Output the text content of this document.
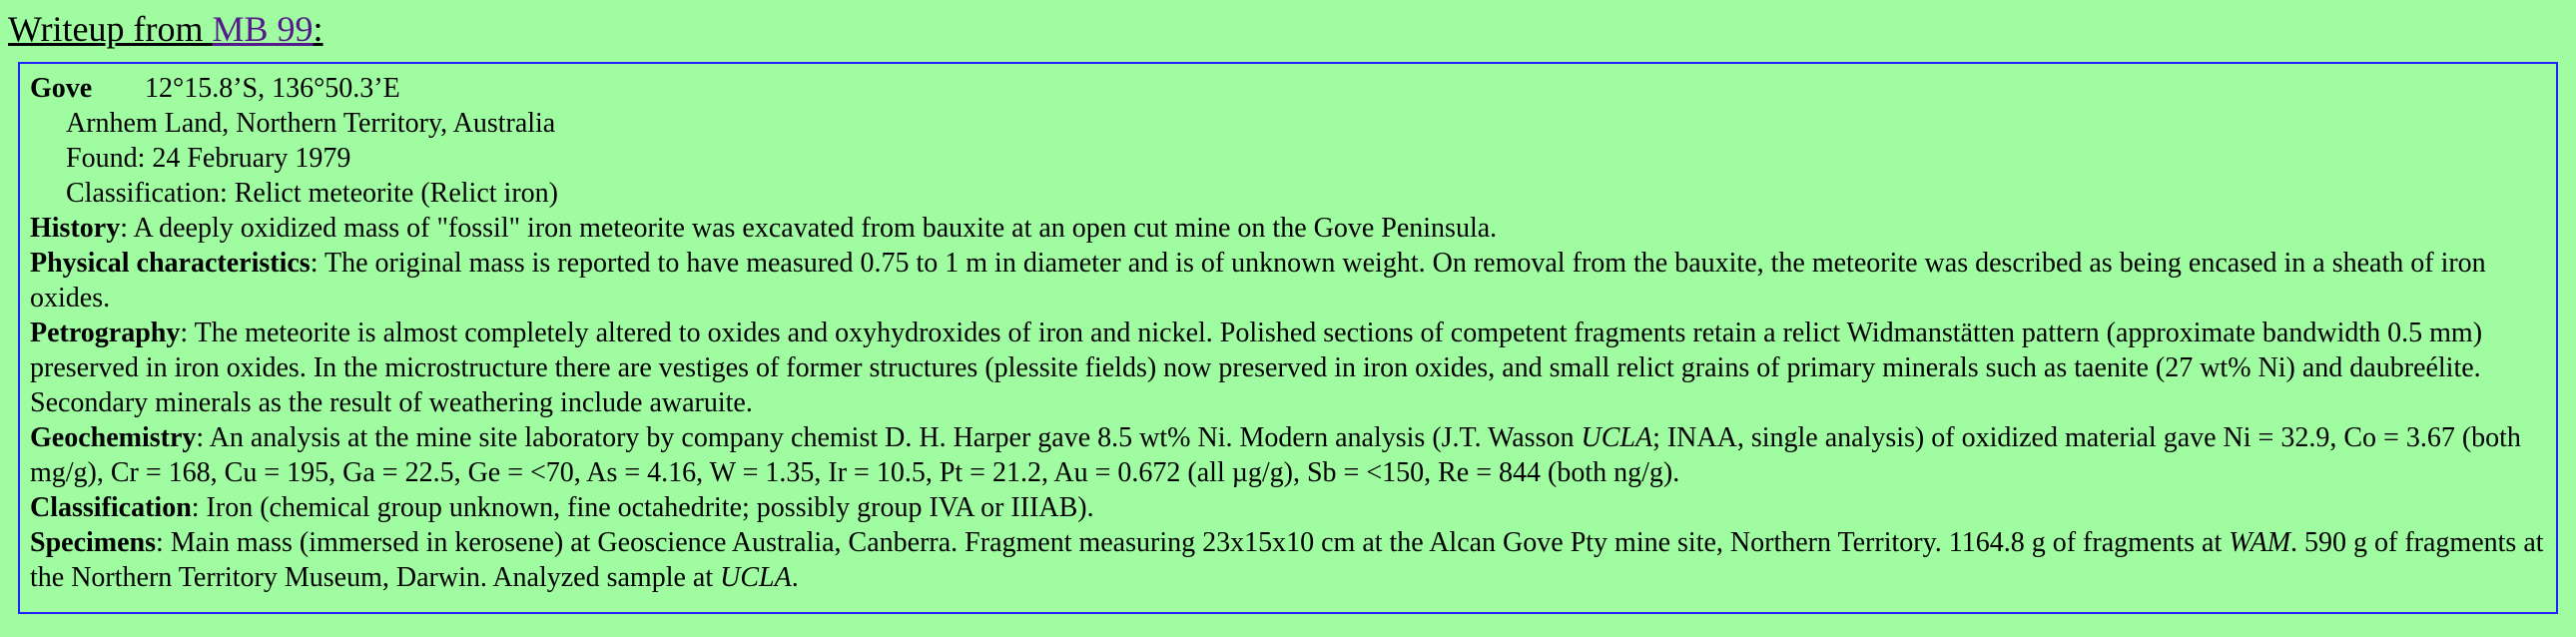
Writeup from MB 99:
Gove 12°15.8’S, 136°50.3’E
Arnhem Land, Northern Territory, Australia
Found: 24 February 1979
Classification: Relict meteorite (Relict iron)
History: A deeply oxidized mass of "fossil" iron meteorite was excavated from bauxite at an open cut mine on the Gove Peninsula.
Physical characteristics: The original mass is reported to have measured 0.75 to 1 m in diameter and is of unknown weight. On removal from the bauxite, the meteorite was described as being encased in a sheath of iron oxides.
Petrography: The meteorite is almost completely altered to oxides and oxyhydroxides of iron and nickel. Polished sections of competent fragments retain a relict Widmanstätten pattern (approximate bandwidth 0.5 mm) preserved in iron oxides. In the microstructure there are vestiges of former structures (plessite fields) now preserved in iron oxides, and small relict grains of primary minerals such as taenite (27 wt% Ni) and daubreélite. Secondary minerals as the result of weathering include awaruite.
Geochemistry: An analysis at the mine site laboratory by company chemist D. H. Harper gave 8.5 wt% Ni. Modern analysis (J.T. Wasson UCLA; INAA, single analysis) of oxidized material gave Ni = 32.9, Co = 3.67 (both mg/g), Cr = 168, Cu = 195, Ga = 22.5, Ge = <70, As = 4.16, W = 1.35, Ir = 10.5, Pt = 21.2, Au = 0.672 (all µg/g), Sb = <150, Re = 844 (both ng/g).
Classification: Iron (chemical group unknown, fine octahedrite; possibly group IVA or IIIAB).
Specimens: Main mass (immersed in kerosene) at Geoscience Australia, Canberra. Fragment measuring 23x15x10 cm at the Alcan Gove Pty mine site, Northern Territory. 1164.8 g of fragments at WAM. 590 g of fragments at the Northern Territory Museum, Darwin. Analyzed sample at UCLA.
